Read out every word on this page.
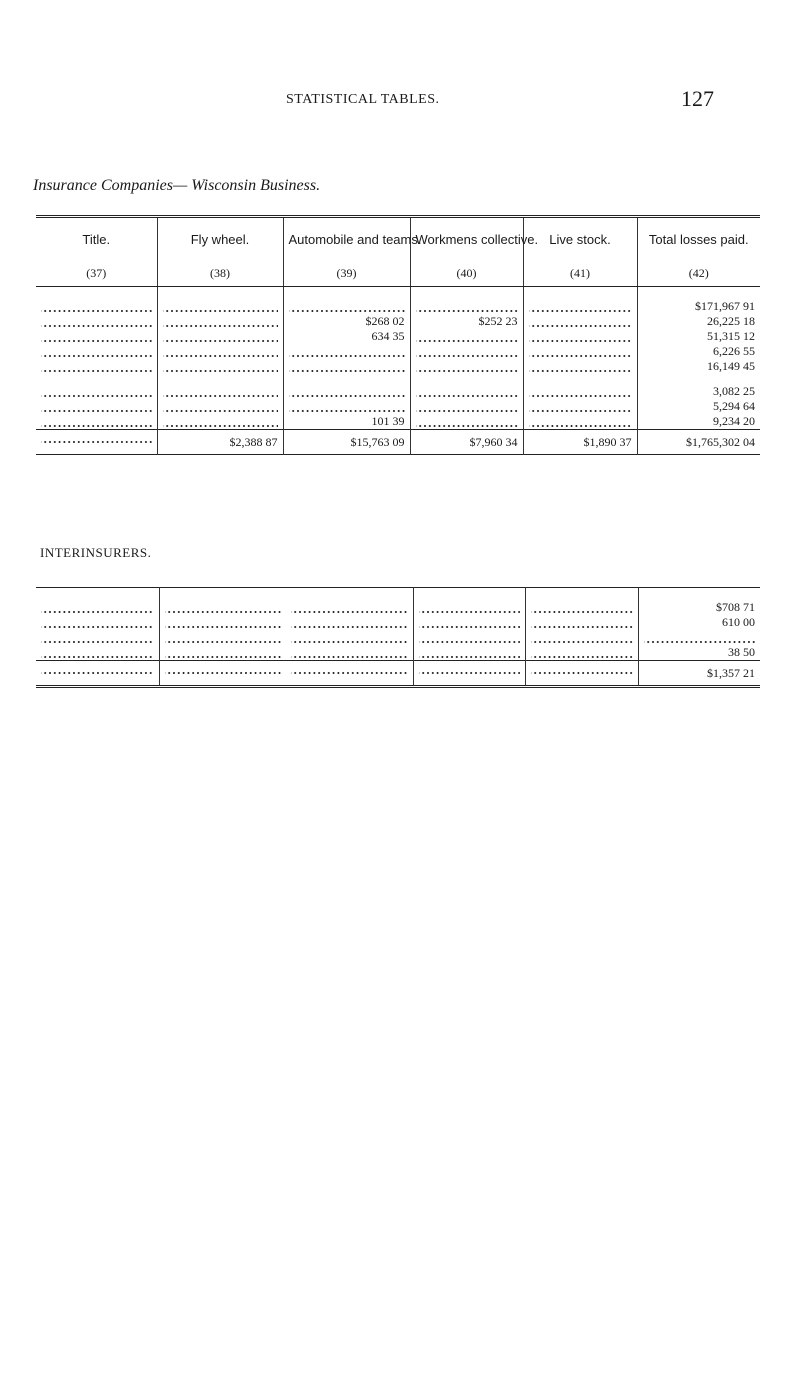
STATISTICAL TABLES.	127
Insurance Companies— Wisconsin Business.
Title.	Fly wheel.	Automobile and teams.	Workmens collective.	Live stock.	Total losses paid.
(37)	(38)	(39)	(40)	(41)	(42)

					$171,967 91
		$268 02	$252 23		26,225 18
		634 35			51,315 12
					6,226 55
					16,149 45

					3,082 25
					5,294 64
		101 39			9,234 20
	$2,388 87	$15,763 09	$7,960 34	$1,890 37	$1,765,302 04
INTERINSURERS.

					$708 71
					610 00

					38 50
					$1,357 21
